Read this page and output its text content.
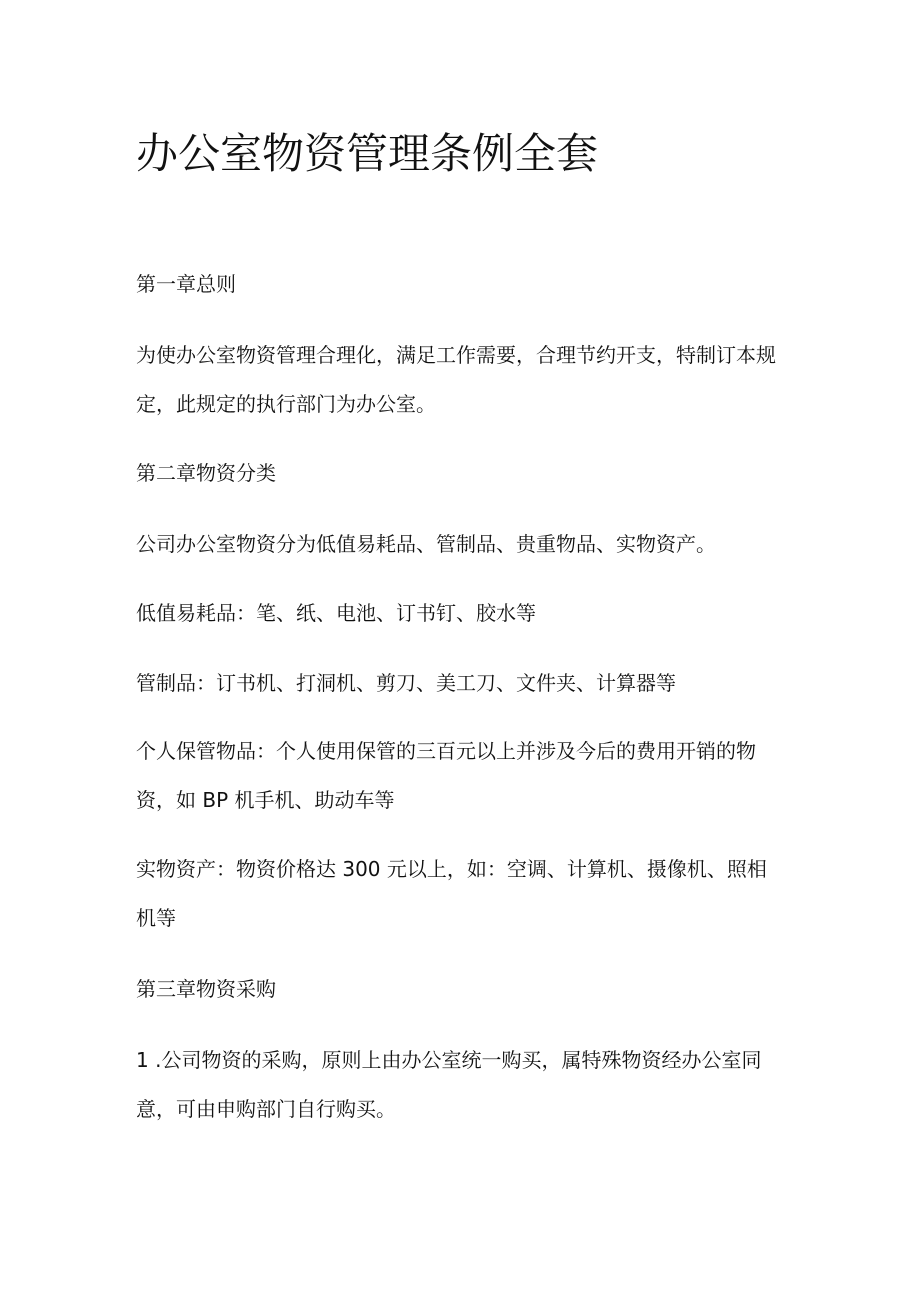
办公室物资管理条例全套

第一章总则

为使办公室物资管理合理化，满足工作需要，合理节约开支，特制订本规定，此规定的执行部门为办公室。

第二章物资分类

公司办公室物资分为低值易耗品、管制品、贵重物品、实物资产。

低值易耗品：笔、纸、电池、订书钉、胶水等

管制品：订书机、打洞机、剪刀、美工刀、文件夹、计算器等

个人保管物品：个人使用保管的三百元以上并涉及今后的费用开销的物资，如 BP 机手机、助动车等

实物资产：物资价格达 300 元以上，如：空调、计算机、摄像机、照相机等

第三章物资采购

1 .公司物资的采购，原则上由办公室统一购买，属特殊物资经办公室同意，可由申购部门自行购买。
